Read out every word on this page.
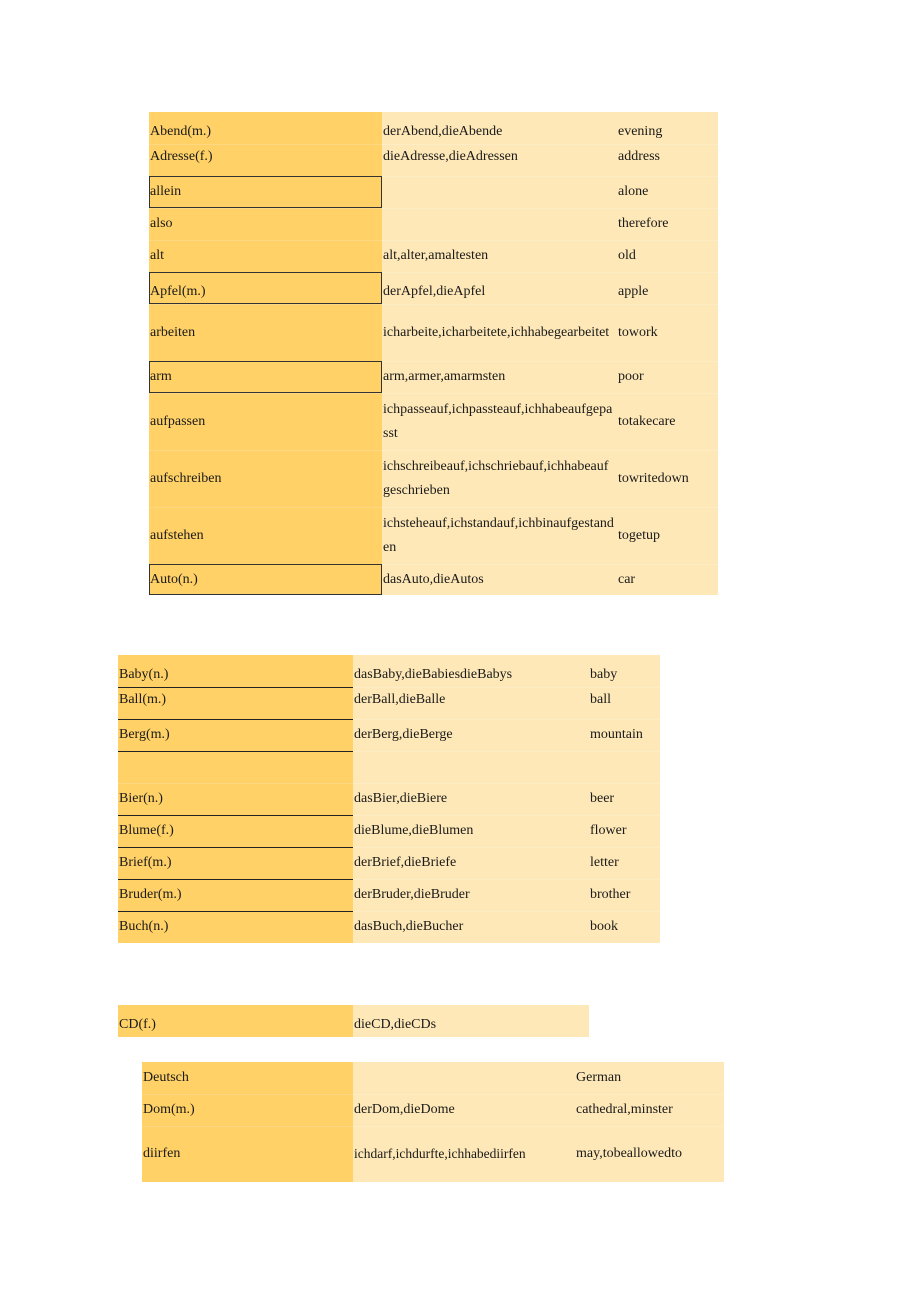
Abend(m.)	derAbend,dieAbende	evening
Adresse(f.)	dieAdresse,dieAdressen	address
allein		alone
also		therefore
alt	alt,alter,amaltesten	old
Apfel(m.)	derApfel,dieApfel	apple
arbeiten	icharbeite,icharbeitete,ichhabegearbeitet	towork
arm	arm,armer,amarmsten	poor
aufpassen	ichpasseauf,ichpassteauf,ichhabeaufgepasst	totakecare
aufschreiben	ichschreibeauf,ichschriebauf,ichhabeaufgeschrieben	towritedown
aufstehen	ichsteheauf,ichstandauf,ichbinaufgestanden	togetup
Auto(n.)	dasAuto,dieAutos	car
Baby(n.)	dasBaby,dieBabiesdieBabys	baby
Ball(m.)	derBall,dieBalle	ball
Berg(m.)	derBerg,dieBerge	mountain

Bier(n.)	dasBier,dieBiere	beer
Blume(f.)	dieBlume,dieBlumen	flower
Brief(m.)	derBrief,dieBriefe	letter
Bruder(m.)	derBruder,dieBruder	brother
Buch(n.)	dasBuch,dieBucher	book
CD(f.)	dieCD,dieCDs
Deutsch		German
Dom(m.)	derDom,dieDome	cathedral,minster
diirfen	ichdarf,ichdurfte,ichhabediirfen	may,tobeallowedto
